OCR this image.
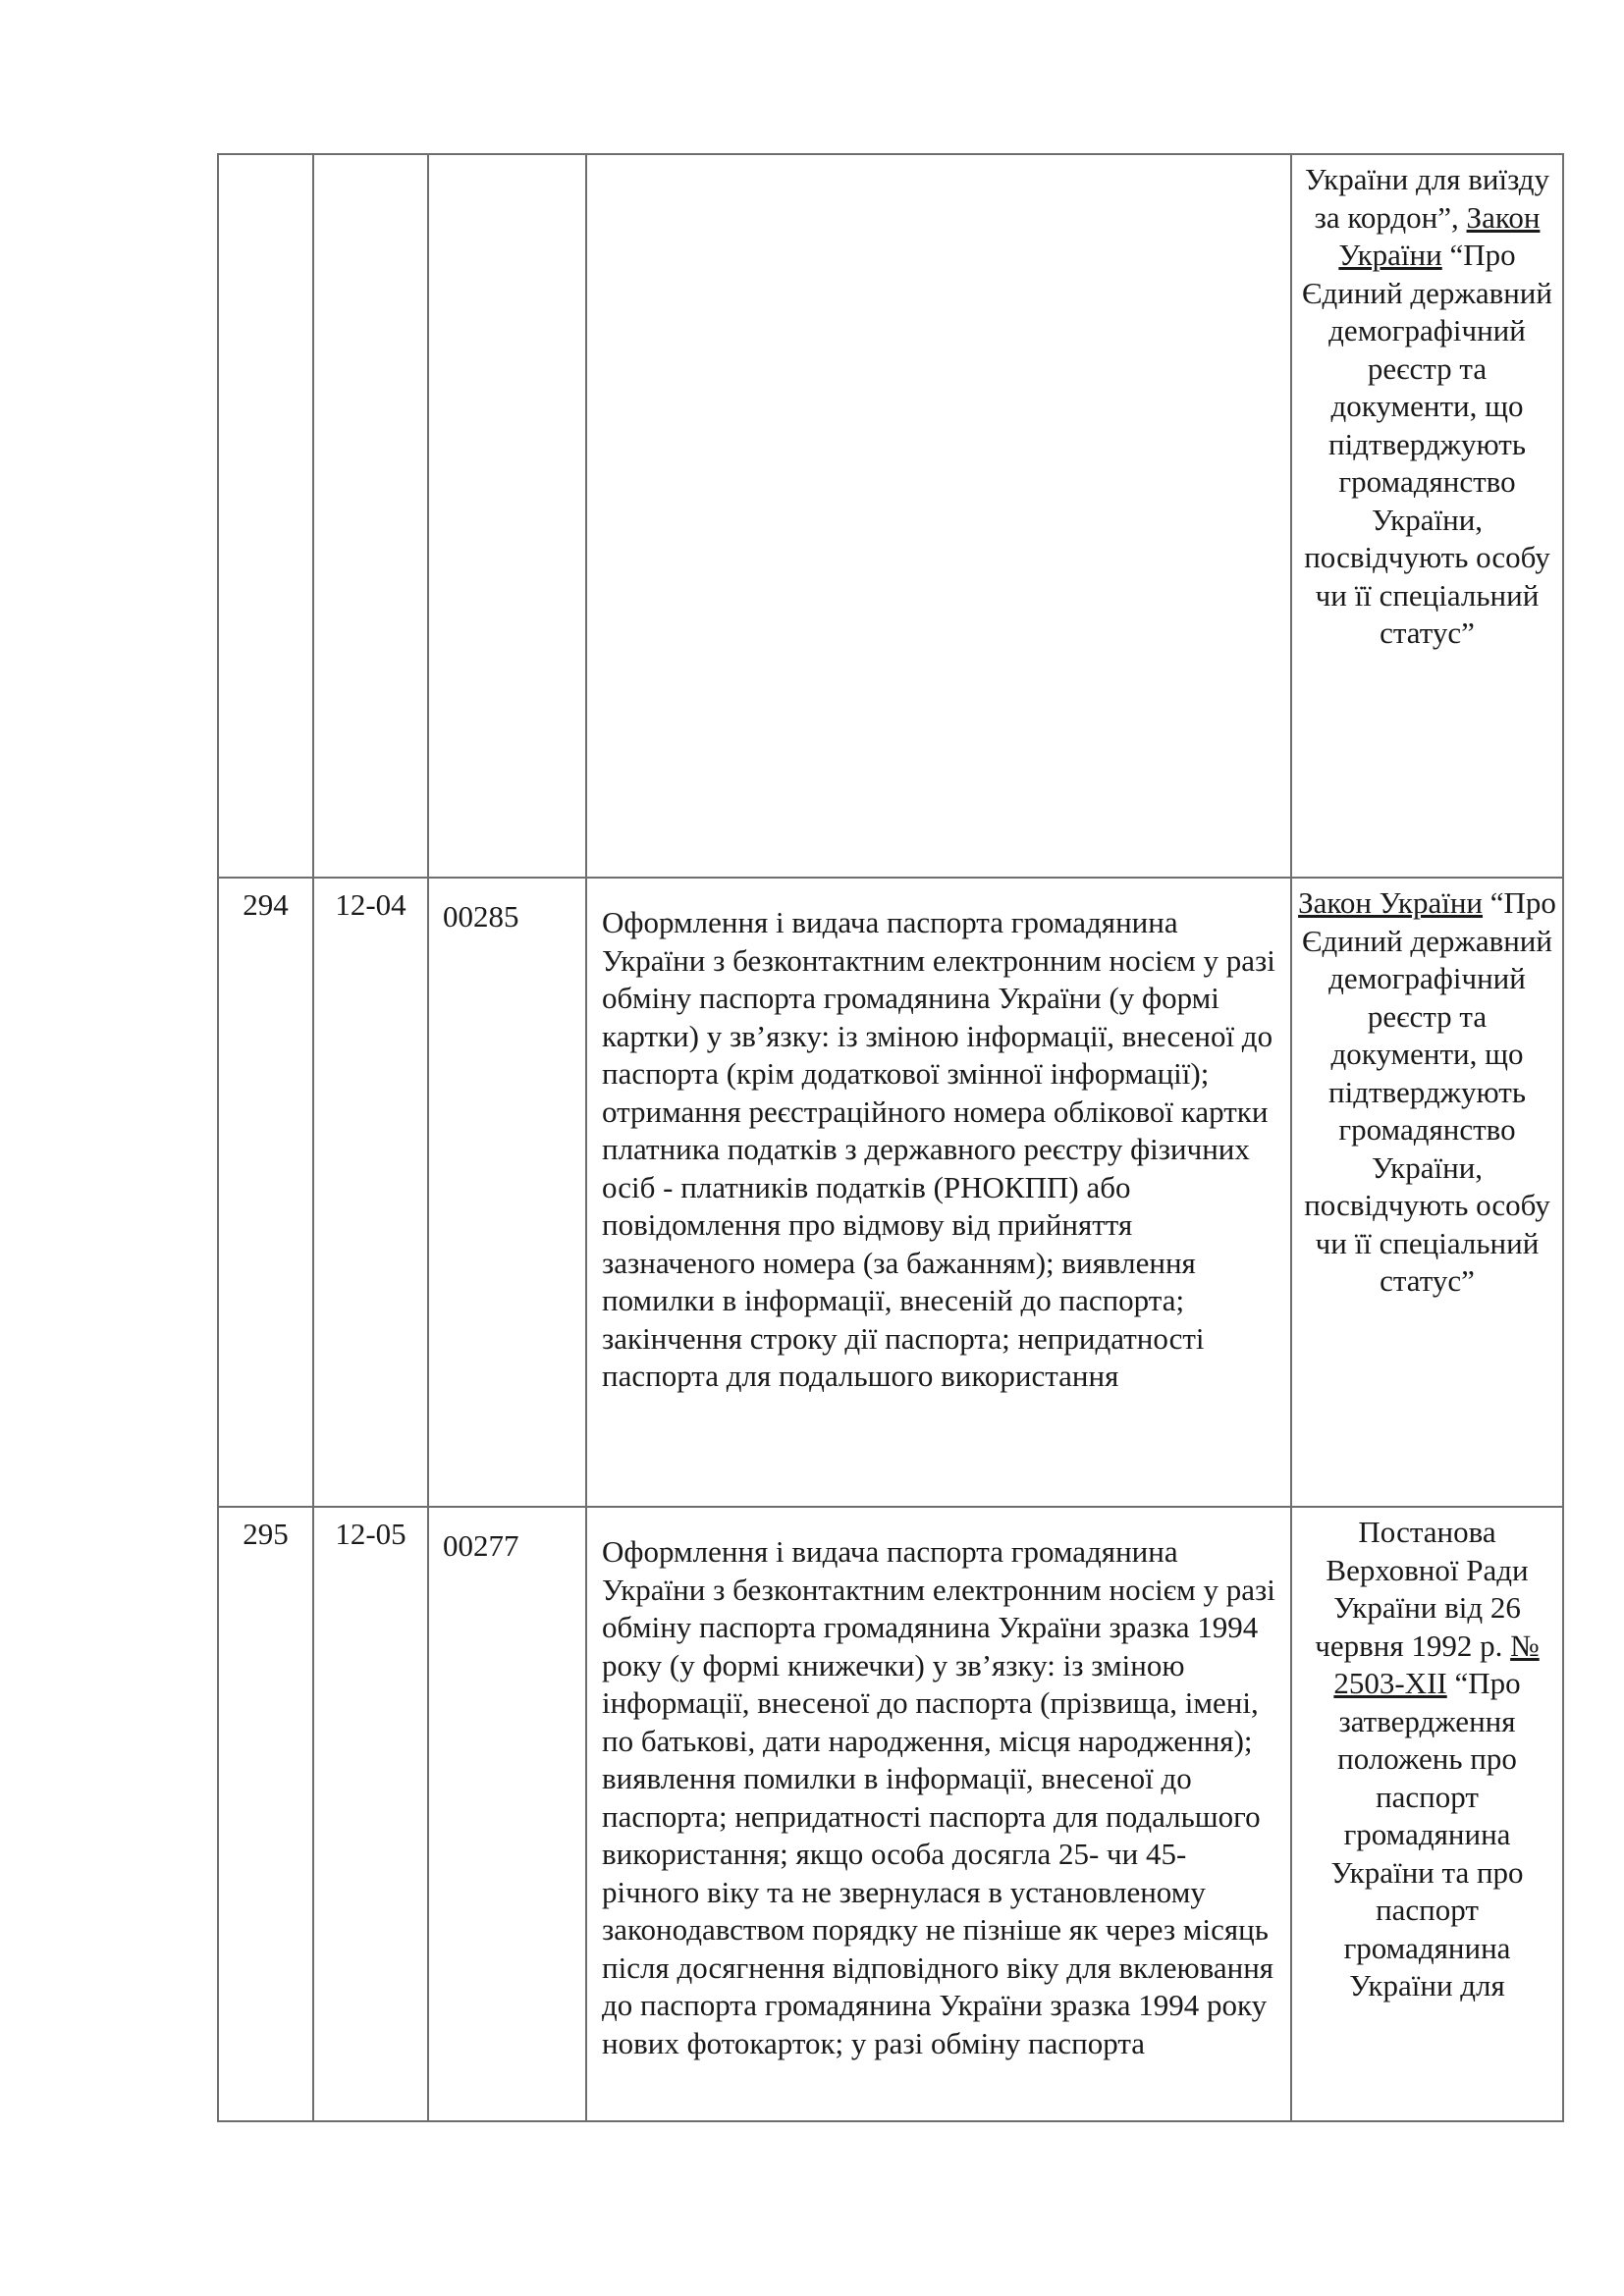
				України для виїзду за кордон”, Закон України “Про Єдиний державний демографічний реєстр та документи, що підтверджують громадянство України, посвідчують особу чи її спеціальний статус”
294	12-04	00285	Оформлення і видача паспорта громадянина України з безконтактним електронним носієм у разі обміну паспорта громадянина України (у формі картки) у зв’язку: із зміною інформації, внесеної до паспорта (крім додаткової змінної інформації); отримання реєстраційного номера облікової картки платника податків з державного реєстру фізичних осіб - платників податків (РНОКПП) або повідомлення про відмову від прийняття зазначеного номера (за бажанням); виявлення помилки в інформації, внесеній до паспорта; закінчення строку дії паспорта; непридатності паспорта для подальшого використання	Закон України “Про Єдиний державний демографічний реєстр та документи, що підтверджують громадянство України, посвідчують особу чи її спеціальний статус”
295	12-05	00277	Оформлення і видача паспорта громадянина України з безконтактним електронним носієм у разі обміну паспорта громадянина України зразка 1994 року (у формі книжечки) у зв’язку: із зміною інформації, внесеної до паспорта (прізвища, імені, по батькові, дати народження, місця народження); виявлення помилки в інформації, внесеної до паспорта; непридатності паспорта для подальшого використання; якщо особа досягла 25- чи 45-річного віку та не звернулася в установленому законодавством порядку не пізніше як через місяць після досягнення відповідного віку для вклеювання до паспорта громадянина України зразка 1994 року нових фотокарток; у разі обміну паспорта	Постанова Верховної Ради України від 26 червня 1992 р. № 2503-XII “Про затвердження положень про паспорт громадянина України та про паспорт громадянина України для
